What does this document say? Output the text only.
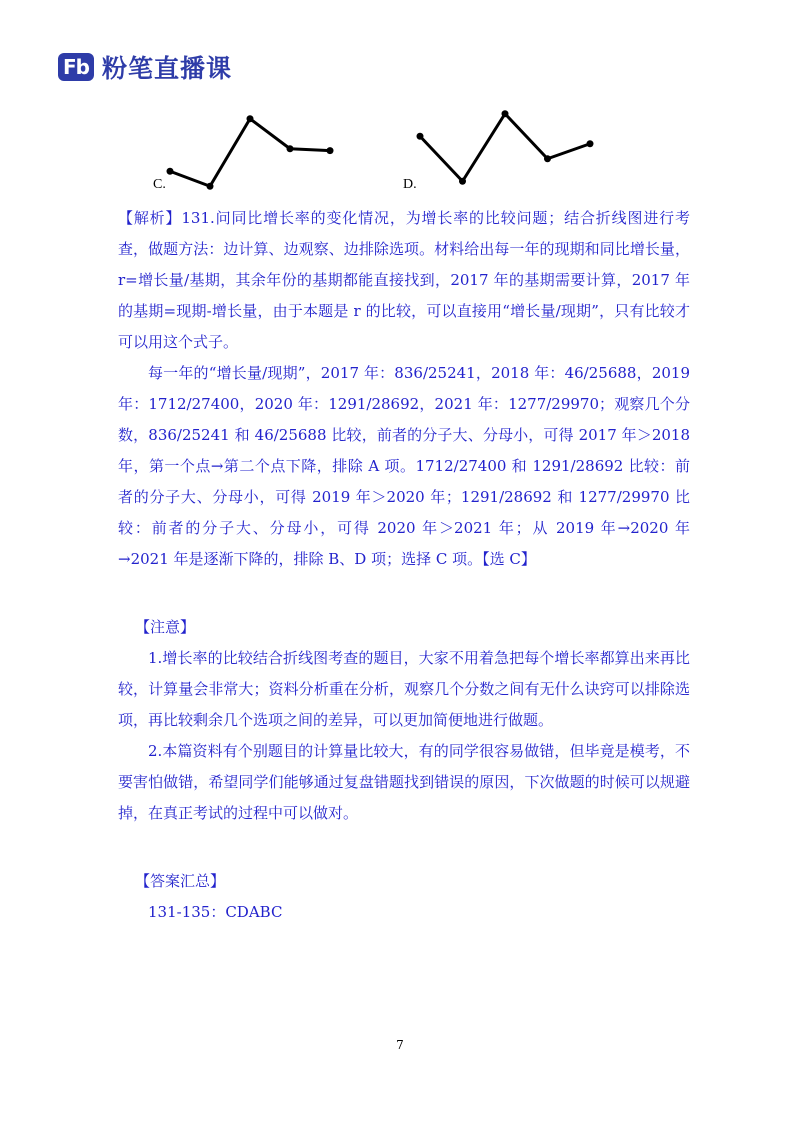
Fb 粉笔直播课
C.	D.

【解析】131.问同比增长率的变化情况，为增长率的比较问题；结合折线图进行考查，做题方法：边计算、边观察、边排除选项。材料给出每一年的现期和同比增长量，r=增长量/基期，其余年份的基期都能直接找到，2017 年的基期需要计算，2017 年的基期=现期-增长量，由于本题是 r 的比较，可以直接用“增长量/现期”，只有比较才可以用这个式子。

每一年的“增长量/现期”，2017 年：836/25241，2018 年：46/25688，2019 年：1712/27400，2020 年：1291/28692，2021 年：1277/29970；观察几个分数，836/25241 和 46/25688 比较，前者的分子大、分母小，可得 2017 年＞2018 年，第一个点→第二个点下降，排除 A 项。1712/27400 和 1291/28692 比较：前者的分子大、分母小，可得 2019 年＞2020 年；1291/28692 和 1277/29970 比较：前者的分子大、分母小，可得 2020 年＞2021 年；从 2019 年→2020 年→2021 年是逐渐下降的，排除 B、D 项；选择 C 项。【选 C】

【注意】

1.增长率的比较结合折线图考查的题目，大家不用着急把每个增长率都算出来再比较，计算量会非常大；资料分析重在分析，观察几个分数之间有无什么诀窍可以排除选项，再比较剩余几个选项之间的差异，可以更加简便地进行做题。

2.本篇资料有个别题目的计算量比较大，有的同学很容易做错，但毕竟是模考，不要害怕做错，希望同学们能够通过复盘错题找到错误的原因，下次做题的时候可以规避掉，在真正考试的过程中可以做对。

【答案汇总】

131-135：CDABC

7
